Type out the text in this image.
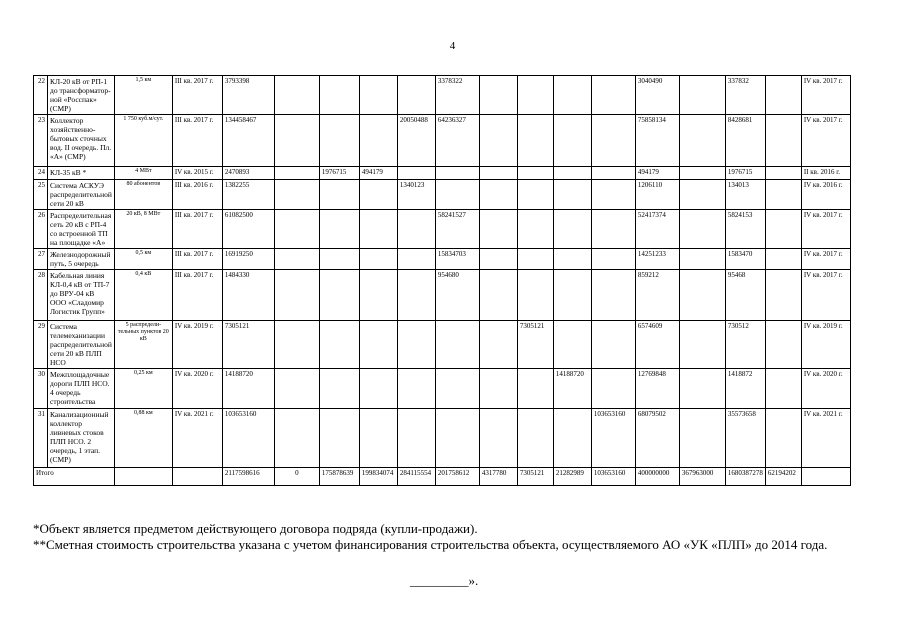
4
22	КЛ-20 кВ от РП-1 до трансформатор-ной «Росспак» (СМР)	1,5 км	III кв. 2017 г.	3793398					3378322					3040490		337832		IV кв. 2017 г.
23	Коллектор хозяйственно-бытовых сточных вод. II очередь. Пл. «А» (СМР)	1 750 куб.м/сут.	III кв. 2017 г.	134458467				20050488	64236327					75858134		8428681		IV кв. 2017 г.
24	КЛ-35 кВ *	4 МВт	IV кв. 2015 г.	2470893		1976715	494179							494179		1976715		II кв. 2016 г.
25	Система АСКУЭ распределительной сети 20 кВ	80 абонентов	III кв. 2016 г.	1382255				1340123						1206110		134013		IV кв. 2016 г.
26	Распределительная сеть 20 кВ с РП-4 со встроенной ТП на площадке «А»	20 кВ, 8 МВт	III кв. 2017 г.	61082500					58241527					52417374		5824153		IV кв. 2017 г.
27	Железнодорожный путь, 5 очередь	0,5 км	III кв. 2017 г.	16919250					15834703					14251233		1583470		IV кв. 2017 г.
28	Кабельная линия КЛ-0,4 кВ от ТП-7 до ВРУ-04 кВ ООО «Сладомир Логистик Групп»	0,4 кВ	III кв. 2017 г.	1484330					954680					859212		95468		IV кв. 2017 г.
29	Система телемеханизации распределительной сети 20 кВ ПЛП НСО	5 распредели-тельных пунктов 20 кВ	IV кв. 2019 г.	7305121							7305121			6574609		730512		IV кв. 2019 г.
30	Межплощадочные дороги ПЛП НСО. 4 очередь строительства	0,25 км	IV кв. 2020 г.	14188720								14188720		12769848		1418872		IV кв. 2020 г.
31	Канализационный коллектор ливневых стоков ПЛП НСО. 2 очередь, 1 этап. (СМР)	0,88 км	IV кв. 2021 г.	103653160									103653160	68079502		35573658		IV кв. 2021 г.
Итого				2117598616	0	175878639	199834074	284115554	201758612	4317780	7305121	21282989	103653160	400000000	367963000	1680387278	62194202	

*Объект является предметом действующего договора подряда (купли-продажи).

**Сметная стоимость строительства указана с учетом финансирования строительства объекта, осуществляемого АО «УК «ПЛП» до 2014 года.

_________».
